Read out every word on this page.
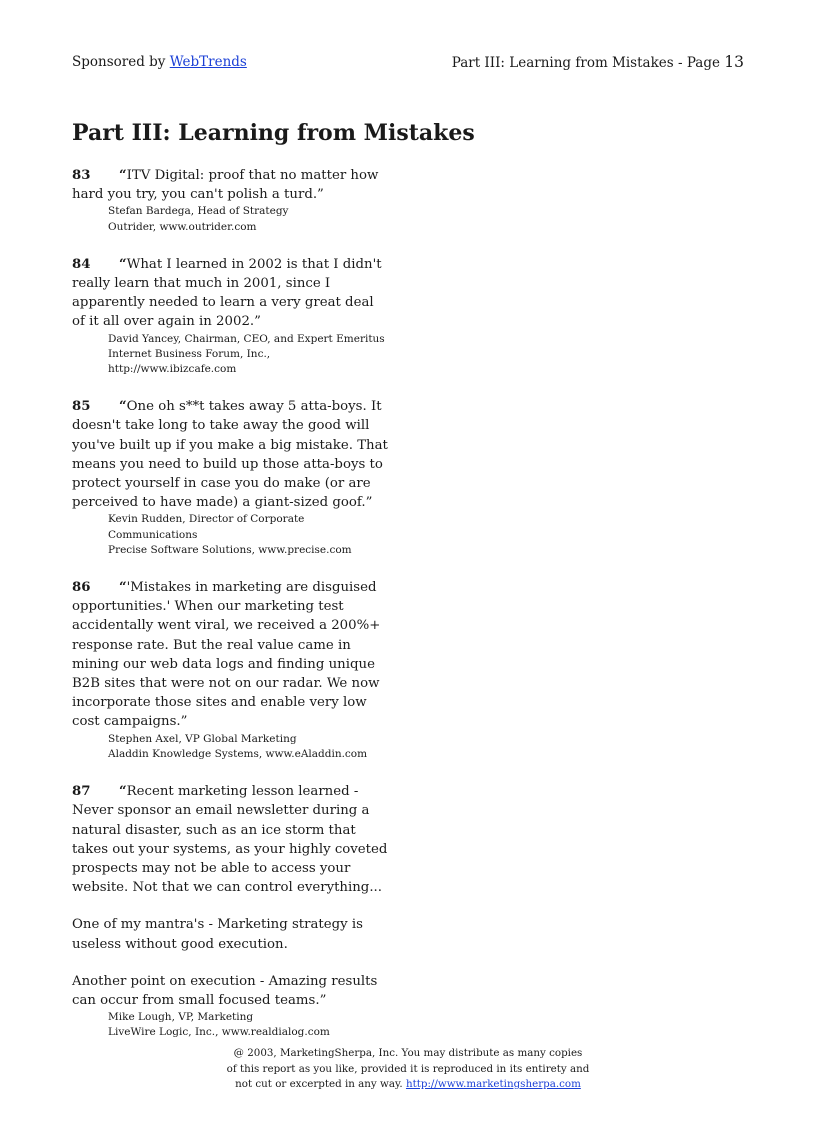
Sponsored by WebTrends	Part III: Learning from Mistakes - Page 13
Part III: Learning from Mistakes

83 “ITV Digital: proof that no matter how hard you try, you can't polish a turd.”

Stefan Bardega, Head of Strategy
Outrider, www.outrider.com

84 “What I learned in 2002 is that I didn't really learn that much in 2001, since I apparently needed to learn a very great deal of it all over again in 2002.”

David Yancey, Chairman, CEO, and Expert Emeritus
Internet Business Forum, Inc., http://www.ibizcafe.com

85 “One oh s**t takes away 5 atta-boys. It doesn't take long to take away the good will you've built up if you make a big mistake. That means you need to build up those atta-boys to protect yourself in case you do make (or are perceived to have made) a giant-sized goof.”

Kevin Rudden, Director of Corporate Communications
Precise Software Solutions, www.precise.com

86 “'Mistakes in marketing are disguised opportunities.' When our marketing test accidentally went viral, we received a 200%+ response rate. But the real value came in mining our web data logs and finding unique B2B sites that were not on our radar. We now incorporate those sites and enable very low cost campaigns.”

Stephen Axel, VP Global Marketing
Aladdin Knowledge Systems, www.eAladdin.com

87 “Recent marketing lesson learned - Never sponsor an email newsletter during a natural disaster, such as an ice storm that takes out your systems, as your highly coveted prospects may not be able to access your website. Not that we can control everything...

One of my mantra's - Marketing strategy is useless without good execution.

Another point on execution - Amazing results can occur from small focused teams.”

Mike Lough, VP, Marketing
LiveWire Logic, Inc., www.realdialog.com
@ 2003, MarketingSherpa, Inc. You may distribute as many copies
of this report as you like, provided it is reproduced in its entirety and
not cut or excerpted in any way. http://www.marketingsherpa.com
